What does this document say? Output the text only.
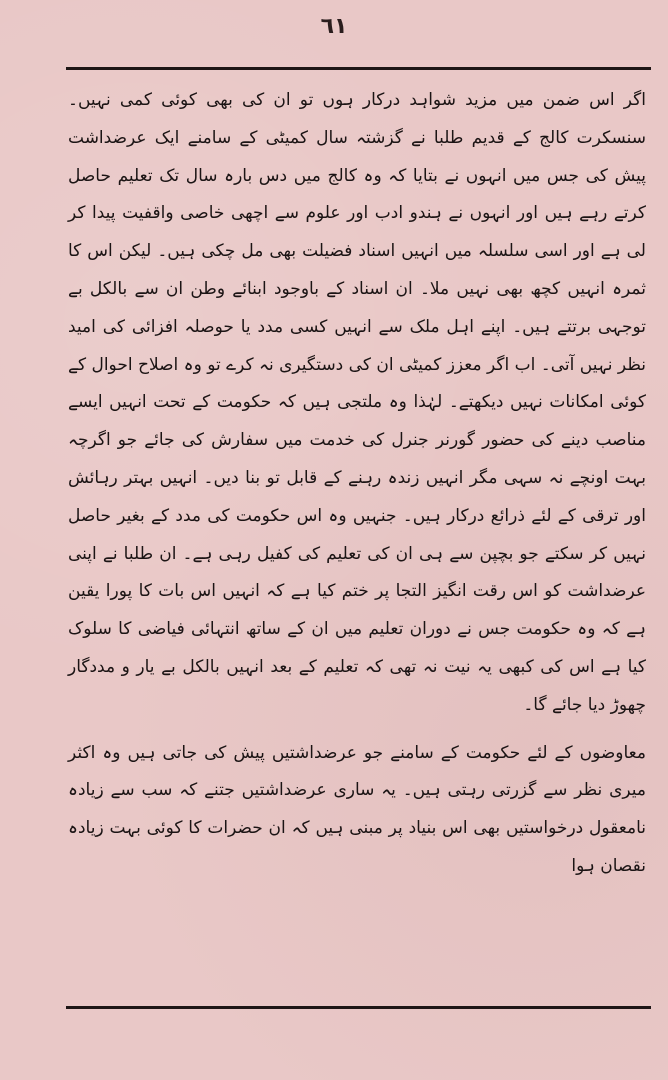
٦١

اگر اس ضمن میں مزید شواہد درکار ہوں تو ان کی بھی کوئی کمی نہیں۔ سنسکرت کالج کے قدیم طلبا نے گزشتہ سال کمیٹی کے سامنے ایک عرضداشت پیش کی جس میں انہوں نے بتایا کہ وہ کالج میں دس بارہ سال تک تعلیم حاصل کرتے رہے ہیں اور انہوں نے ہندو ادب اور علوم سے اچھی خاصی واقفیت پیدا کر لی ہے اور اسی سلسلہ میں انہیں اسناد فضیلت بھی مل چکی ہیں۔ لیکن اس کا ثمرہ انہیں کچھ بھی نہیں ملا۔ ان اسناد کے باوجود ابنائے وطن ان سے بالکل بے توجہی برتتے ہیں۔ اپنے اہل ملک سے انہیں کسی مدد یا حوصلہ افزائی کی امید نظر نہیں آتی۔ اب اگر معزز کمیٹی ان کی دستگیری نہ کرے تو وہ اصلاح احوال کے کوئی امکانات نہیں دیکھتے۔ لہٰذا وہ ملتجی ہیں کہ حکومت کے تحت انہیں ایسے مناصب دینے کی حضور گورنر جنرل کی خدمت میں سفارش کی جائے جو اگرچہ بہت اونچے نہ سہی مگر انہیں زندہ رہنے کے قابل تو بنا دیں۔ انہیں بہتر رہائش اور ترقی کے لئے ذرائع درکار ہیں۔ جنہیں وہ اس حکومت کی مدد کے بغیر حاصل نہیں کر سکتے جو بچپن سے ہی ان کی تعلیم کی کفیل رہی ہے۔ ان طلبا نے اپنی عرضداشت کو اس رقت انگیز التجا پر ختم کیا ہے کہ انہیں اس بات کا پورا یقین ہے کہ وہ حکومت جس نے دوران تعلیم میں ان کے ساتھ انتہائی فیاضی کا سلوک کیا ہے اس کی کبھی یہ نیت نہ تھی کہ تعلیم کے بعد انہیں بالکل بے یار و مددگار چھوڑ دیا جائے گا۔

معاوضوں کے لئے حکومت کے سامنے جو عرضداشتیں پیش کی جاتی ہیں وہ اکثر میری نظر سے گزرتی رہتی ہیں۔ یہ ساری عرضداشتیں جتنے کہ سب سے زیادہ نامعقول درخواستیں بھی اس بنیاد پر مبنی ہیں کہ ان حضرات کا کوئی بہت زیادہ نقصان ہوا
